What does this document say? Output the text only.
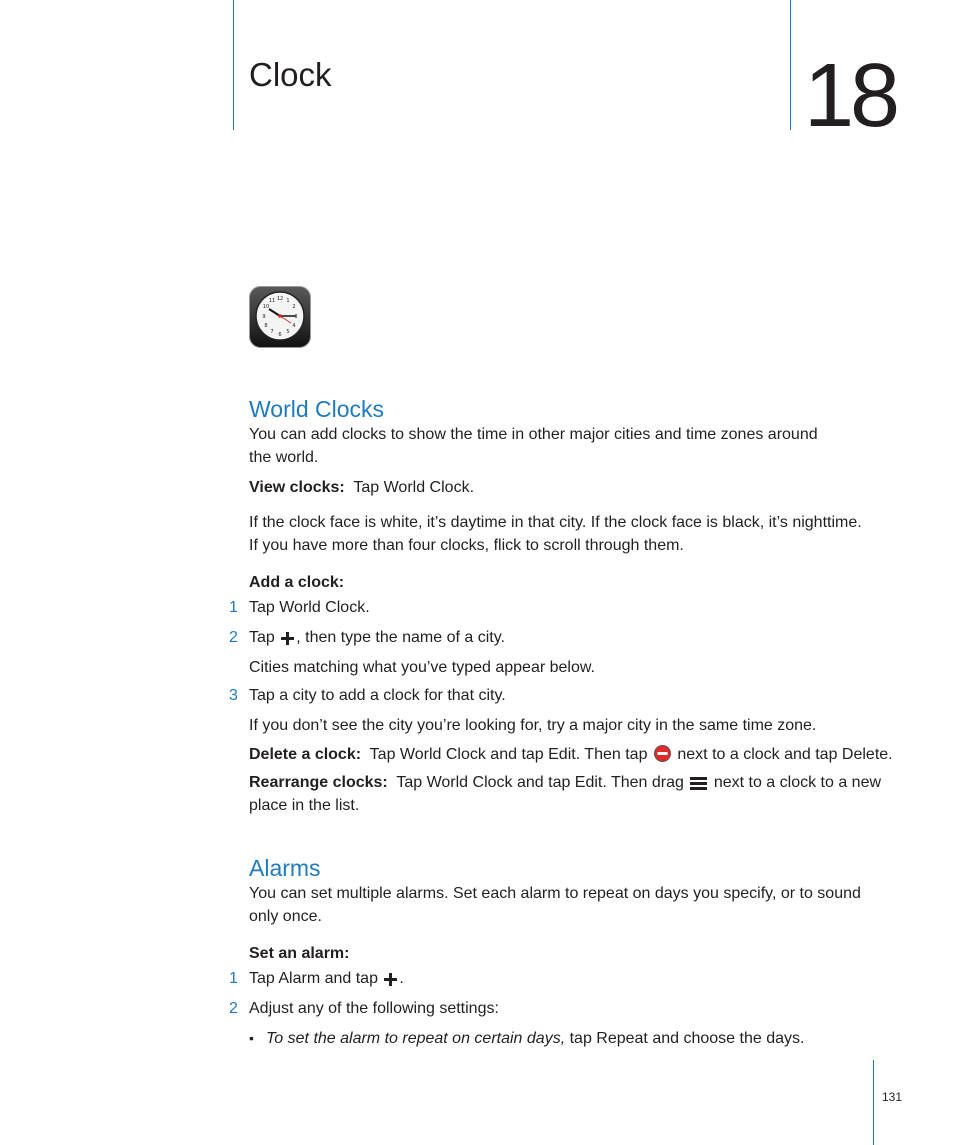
Clock	18
12 1
2
3
4
5
6
7
8
9
10
11
World Clocks
You can add clocks to show the time in other major cities and time zones around
the world.
View clocks: Tap World Clock.
If the clock face is white, it’s daytime in that city. If the clock face is black, it’s nighttime.
If you have more than four clocks, flick to scroll through them.
Add a clock:
1 Tap World Clock.
2 Tap , then type the name of a city.
Cities matching what you’ve typed appear below.
3 Tap a city to add a clock for that city.
If you don’t see the city you’re looking for, try a major city in the same time zone.
Delete a clock: Tap World Clock and tap Edit. Then tap next to a clock and tap Delete.
Rearrange clocks: Tap World Clock and tap Edit. Then drag next to a clock to a new
place in the list.
Alarms
You can set multiple alarms. Set each alarm to repeat on days you specify, or to sound
only once.
Set an alarm:
1 Tap Alarm and tap .
2 Adjust any of the following settings:
• To set the alarm to repeat on certain days, tap Repeat and choose the days.
131
